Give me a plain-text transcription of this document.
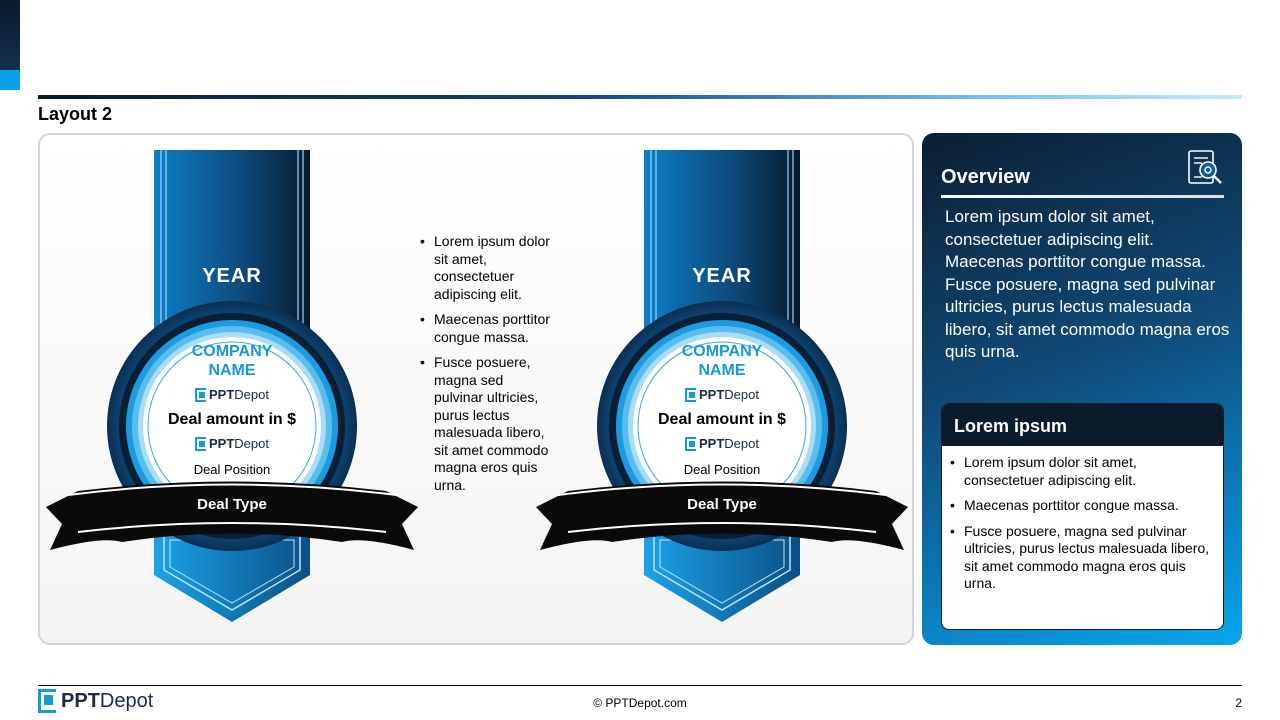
Layout 2
YEAR
COMPANY
NAME
PPTDepot
Deal amount in $
PPTDepot
Deal Position
Deal Type
YEAR
COMPANY
NAME
PPTDepot
Deal amount in $
PPTDepot
Deal Position
Deal Type
• Lorem ipsum dolor sit amet, consectetuer adipiscing elit.
• Maecenas porttitor congue massa.
• Fusce posuere, magna sed pulvinar ultricies, purus lectus malesuada libero, sit amet commodo magna eros quis urna.
Overview
Lorem ipsum dolor sit amet, consectetuer adipiscing elit. Maecenas porttitor congue massa. Fusce posuere, magna sed pulvinar ultricies, purus lectus malesuada libero, sit amet commodo magna eros quis urna.
Lorem ipsum
• Lorem ipsum dolor sit amet, consectetuer adipiscing elit.
• Maecenas porttitor congue massa.
• Fusce posuere, magna sed pulvinar ultricies, purus lectus malesuada libero, sit amet commodo magna eros quis urna.
PPTDepot	© PPTDepot.com	2
